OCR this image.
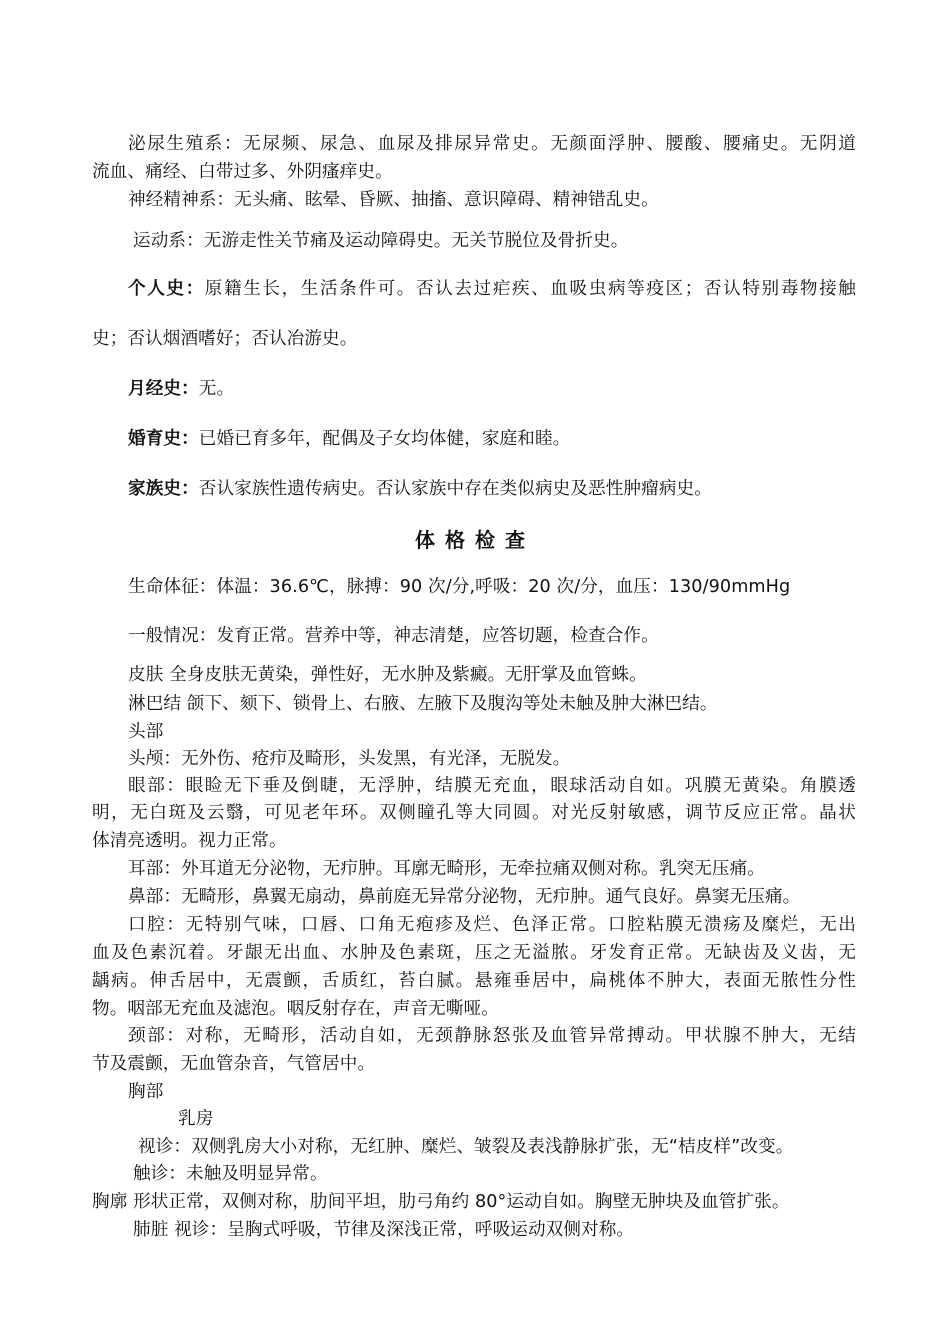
泌尿生殖系：无尿频、尿急、血尿及排尿异常史。无颜面浮肿、腰酸、腰痛史。无阴道
流血、痛经、白带过多、外阴瘙痒史。
神经精神系：无头痛、眩晕、昏厥、抽搐、意识障碍、精神错乱史。
运动系：无游走性关节痛及运动障碍史。无关节脱位及骨折史。
个人史：原籍生长，生活条件可。否认去过疟疾、血吸虫病等疫区；否认特别毒物接触
史；否认烟酒嗜好；否认冶游史。
月经史：无。
婚育史：已婚已育多年，配偶及子女均体健，家庭和睦。
家族史：否认家族性遗传病史。否认家族中存在类似病史及恶性肿瘤病史。
体格检查
生命体征：体温：36.6℃，脉搏：90 次/分,呼吸：20 次/分，血压：130/90mmHg
一般情况：发育正常。营养中等，神志清楚，应答切题，检查合作。
皮肤 全身皮肤无黄染，弹性好，无水肿及紫癜。无肝掌及血管蛛。
淋巴结 颌下、颏下、锁骨上、右腋、左腋下及腹沟等处未触及肿大淋巴结。
头部
头颅：无外伤、疮疖及畸形，头发黑，有光泽，无脱发。
眼部：眼睑无下垂及倒睫，无浮肿，结膜无充血，眼球活动自如。巩膜无黄染。角膜透
明，无白斑及云翳，可见老年环。双侧瞳孔等大同圆。对光反射敏感，调节反应正常。晶状
体清亮透明。视力正常。
耳部：外耳道无分泌物，无疖肿。耳廓无畸形，无牵拉痛双侧对称。乳突无压痛。
鼻部：无畸形，鼻翼无扇动，鼻前庭无异常分泌物，无疖肿。通气良好。鼻窦无压痛。
口腔：无特别气味，口唇、口角无疱疹及烂、色泽正常。口腔粘膜无溃疡及糜烂，无出
血及色素沉着。牙龈无出血、水肿及色素斑，压之无溢脓。牙发育正常。无缺齿及义齿，无
龋病。伸舌居中，无震颤，舌质红，苔白腻。悬雍垂居中，扁桃体不肿大，表面无脓性分性
物。咽部无充血及滤泡。咽反射存在，声音无嘶哑。
颈部：对称，无畸形，活动自如，无颈静脉怒张及血管异常搏动。甲状腺不肿大，无结
节及震颤，无血管杂音，气管居中。
胸部
乳房
视诊：双侧乳房大小对称，无红肿、糜烂、皱裂及表浅静脉扩张，无“桔皮样”改变。
触诊：未触及明显异常。
胸廓 形状正常，双侧对称，肋间平坦，肋弓角约 80°运动自如。胸壁无肿块及血管扩张。
肺脏 视诊：呈胸式呼吸，节律及深浅正常，呼吸运动双侧对称。
